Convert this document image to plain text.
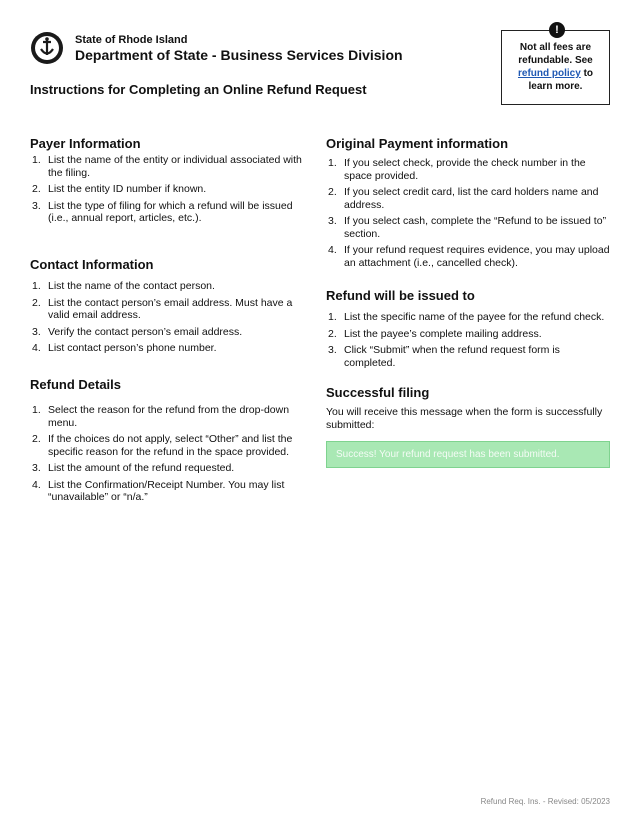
State of Rhode Island
Department of State - Business Services Division
Instructions for Completing an Online Refund Request
!
Not all fees are refundable. See refund policy to learn more.
Payer Information
1. List the name of the entity or individual associated with the filing.
2. List the entity ID number if known.
3. List the type of filing for which a refund will be issued (i.e., annual report, articles, etc.).
Contact Information
1. List the name of the contact person.
2. List the contact person’s email address. Must have a valid email address.
3. Verify the contact person’s email address.
4. List contact person’s phone number.
Refund Details
1. Select the reason for the refund from the drop-down menu.
2. If the choices do not apply, select “Other” and list the specific reason for the refund in the space provided.
3. List the amount of the refund requested.
4. List the Confirmation/Receipt Number. You may list “unavailable” or “n/a.”
Original Payment information
1. If you select check, provide the check number in the space provided.
2. If you select credit card, list the card holders name and address.
3. If you select cash, complete the “Refund to be issued to” section.
4. If your refund request requires evidence, you may upload an attachment (i.e., cancelled check).
Refund will be issued to
1. List the specific name of the payee for the refund check.
2. List the payee’s complete mailing address.
3. Click “Submit” when the refund request form is completed.
Successful filing

You will receive this message when the form is successfully submitted:

Success! Your refund request has been submitted.
Refund Req. Ins. - Revised: 05/2023
